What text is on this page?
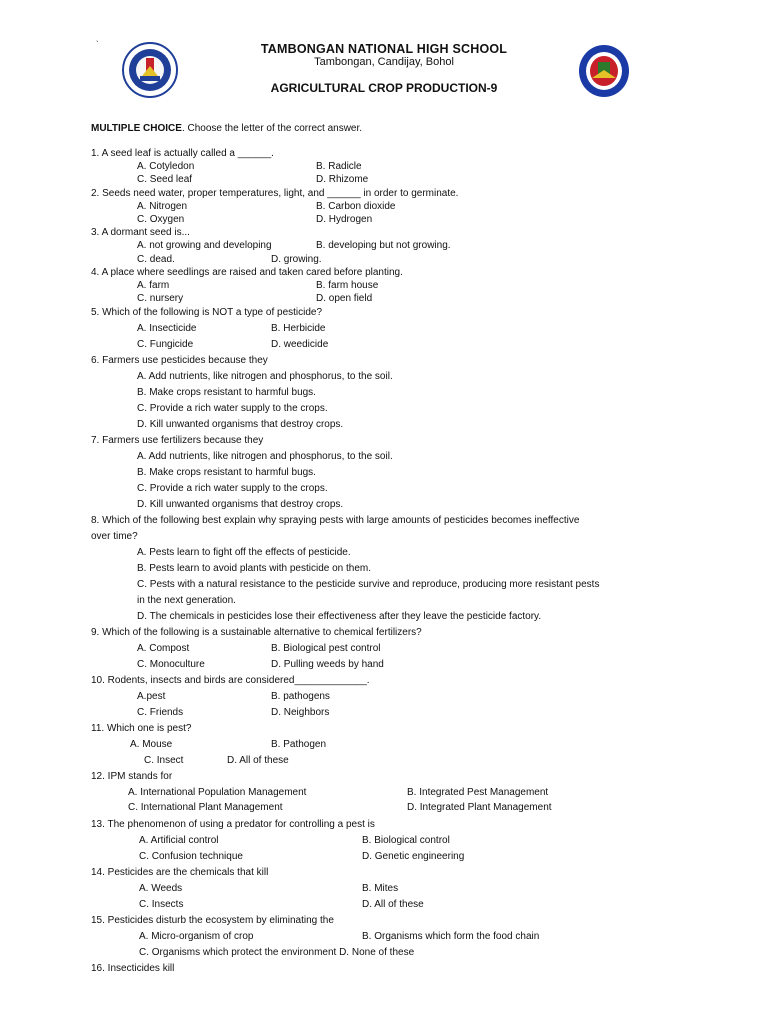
`	TAMBONGAN NATIONAL HIGH SCHOOL
Tambongan, Candijay, Bohol
AGRICULTURAL CROP PRODUCTION-9
MULTIPLE CHOICE. Choose the letter of the correct answer.
1. A seed leaf is actually called a ______.
A. Cotyledon	B. Radicle
C. Seed leaf	D. Rhizome
2. Seeds need water, proper temperatures, light, and ______ in order to germinate.
A. Nitrogen	B. Carbon dioxide
C. Oxygen	D. Hydrogen
3. A dormant seed is...
A. not growing and developing	B. developing but not growing.
C. dead.	D. growing.
4. A place where seedlings are raised and taken cared before planting.
A. farm	B. farm house
C. nursery	D. open field
5. Which of the following is NOT a type of pesticide?
A. Insecticide	B. Herbicide
C. Fungicide	D. weedicide
6. Farmers use pesticides because they
A. Add nutrients, like nitrogen and phosphorus, to the soil.
B. Make crops resistant to harmful bugs.
C. Provide a rich water supply to the crops.
D. Kill unwanted organisms that destroy crops.
7. Farmers use fertilizers because they
A. Add nutrients, like nitrogen and phosphorus, to the soil.
B. Make crops resistant to harmful bugs.
C. Provide a rich water supply to the crops.
D. Kill unwanted organisms that destroy crops.
8. Which of the following best explain why spraying pests with large amounts of pesticides becomes ineffective
over time?
A. Pests learn to fight off the effects of pesticide.
B. Pests learn to avoid plants with pesticide on them.
C. Pests with a natural resistance to the pesticide survive and reproduce, producing more resistant pests
in the next generation.
D. The chemicals in pesticides lose their effectiveness after they leave the pesticide factory.
9. Which of the following is a sustainable alternative to chemical fertilizers?
A. Compost	B. Biological pest control
C. Monoculture	D. Pulling weeds by hand
10. Rodents, insects and birds are considered_____________.
A.pest	B. pathogens
C. Friends	D. Neighbors
11. Which one is pest?
A. Mouse	B. Pathogen
C. Insect	D. All of these
12. IPM stands for
A. International Population Management	B. Integrated Pest Management
C. International Plant Management	D. Integrated Plant Management
13. The phenomenon of using a predator for controlling a pest is
A. Artificial control	B. Biological control
C. Confusion technique	D. Genetic engineering
14. Pesticides are the chemicals that kill
A. Weeds	B. Mites
C. Insects	D. All of these
15. Pesticides disturb the ecosystem by eliminating the
A. Micro-organism of crop	B. Organisms which form the food chain
C. Organisms which protect the environment D. None of these
16. Insecticides kill
